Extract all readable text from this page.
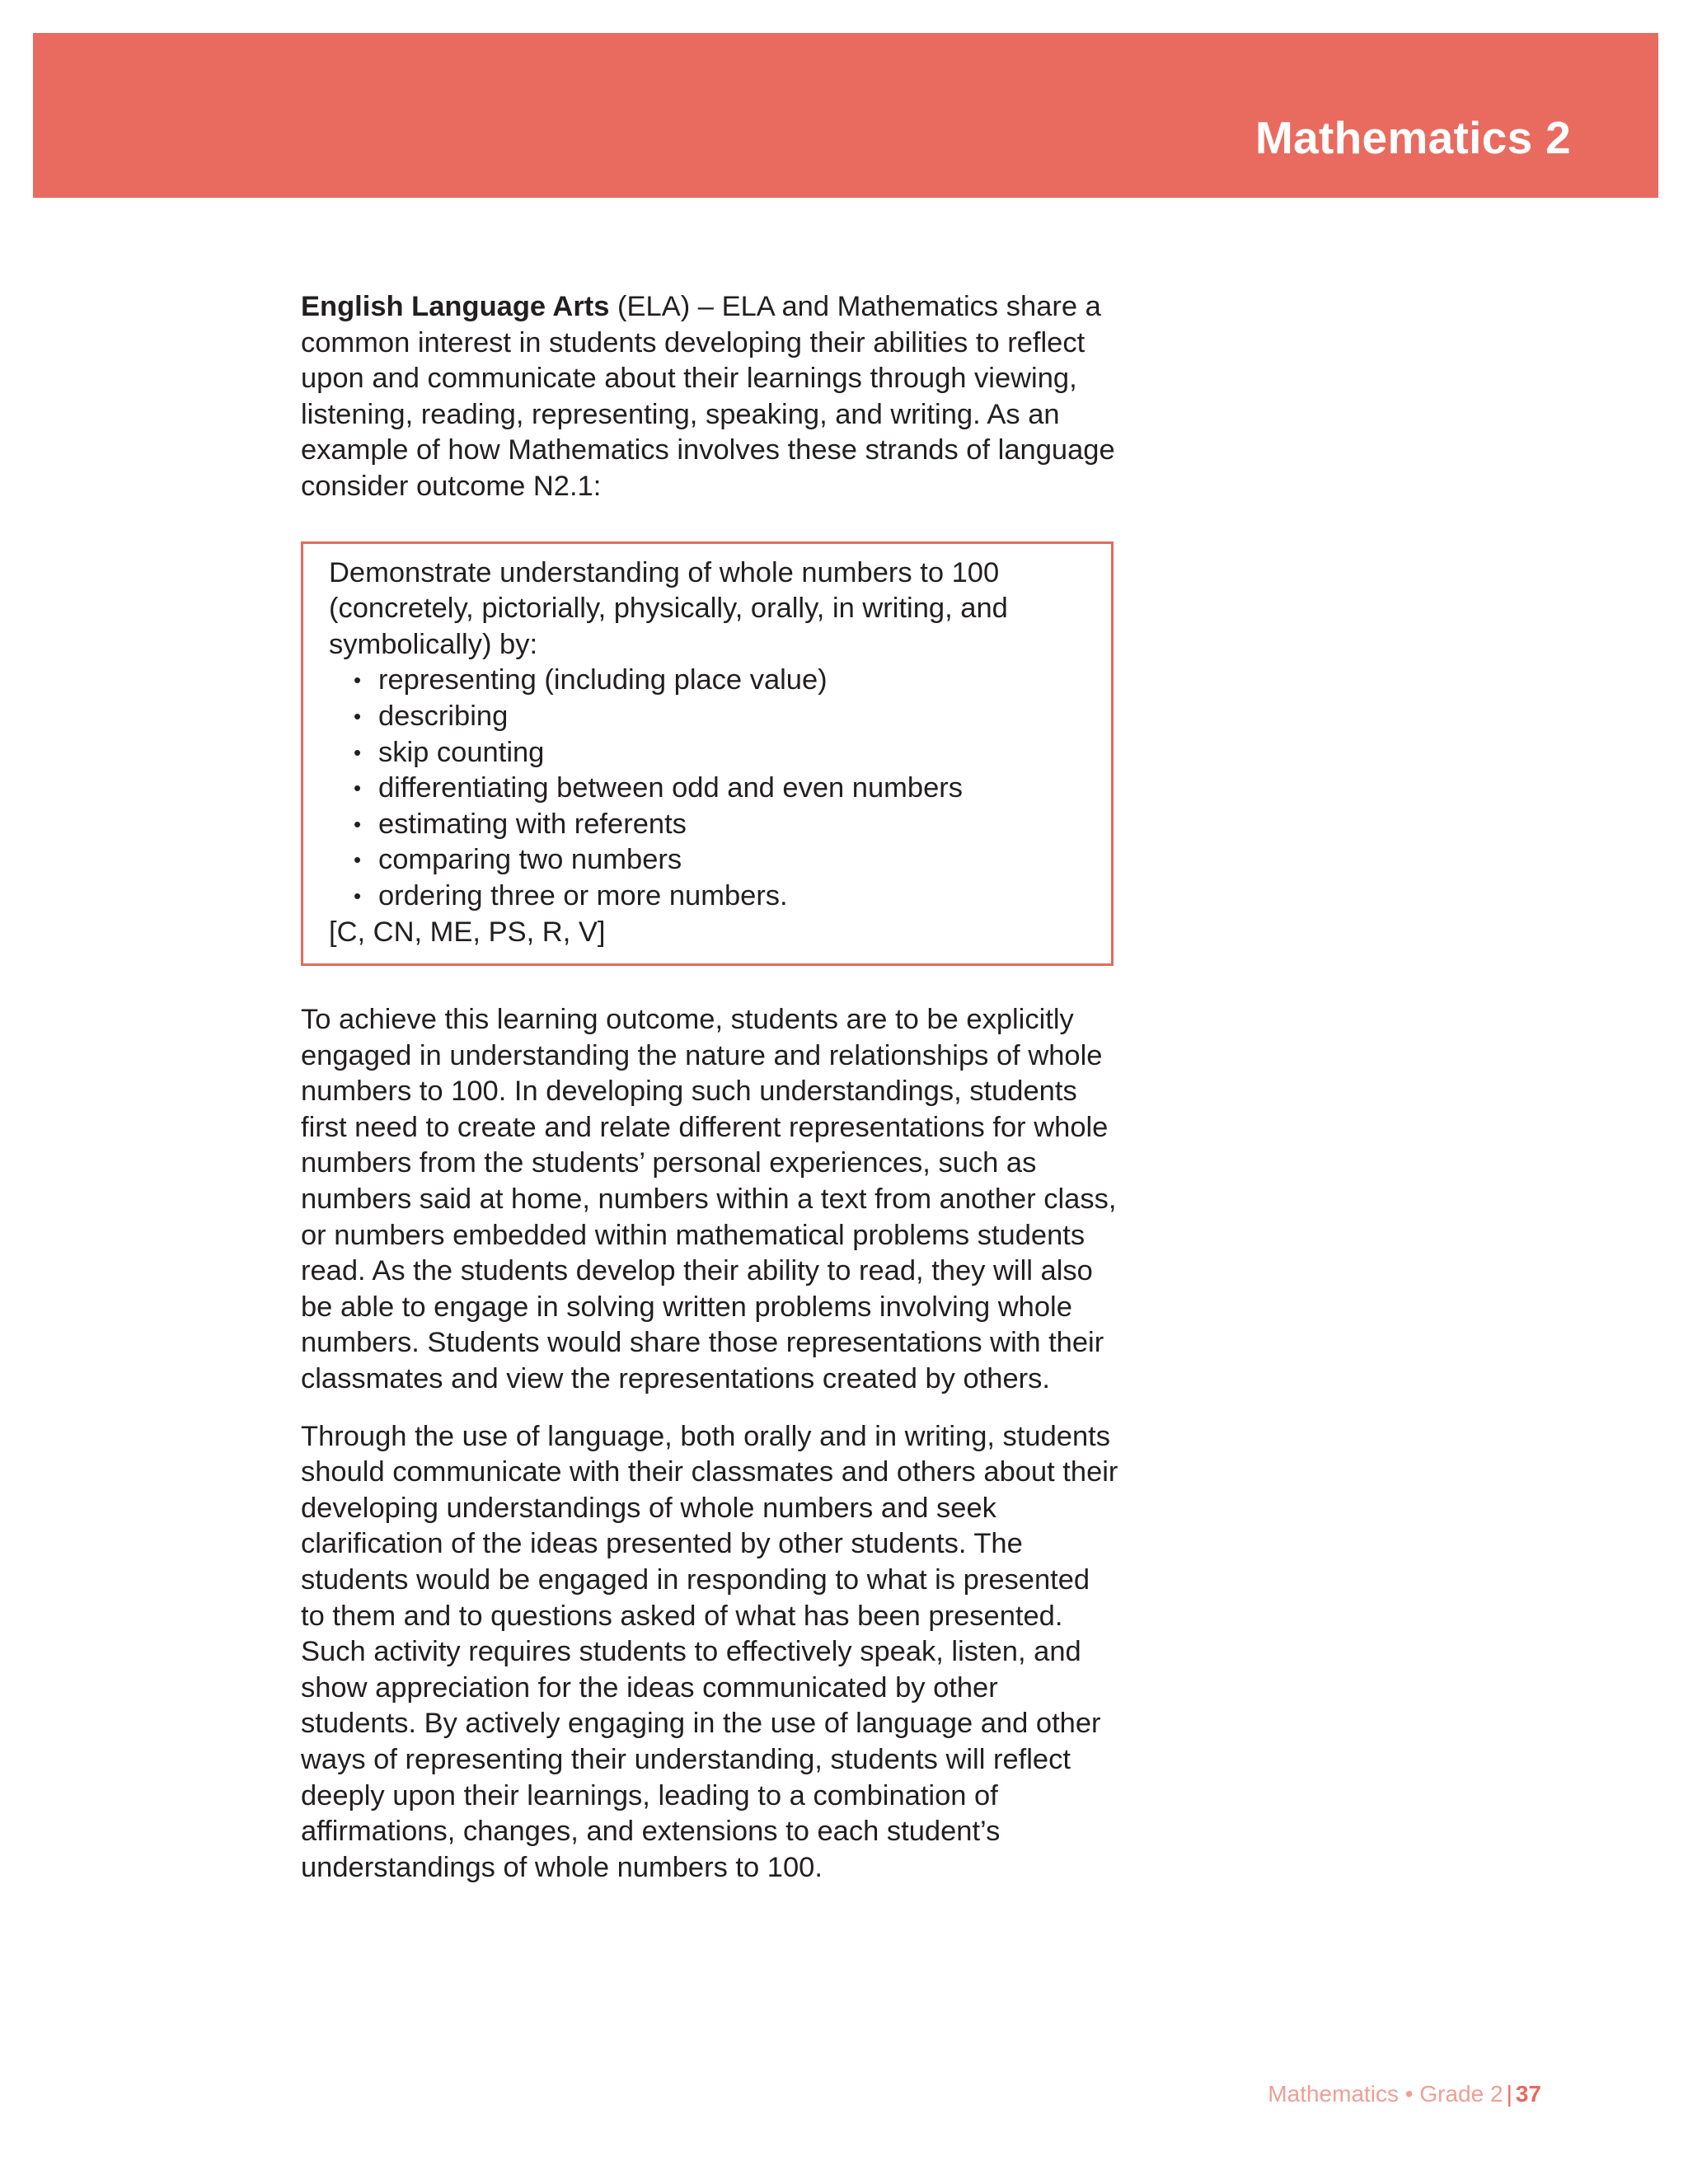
Mathematics 2

English Language Arts (ELA) – ELA and Mathematics share a common interest in students developing their abilities to reflect upon and communicate about their learnings through viewing, listening, reading, representing, speaking, and writing. As an example of how Mathematics involves these strands of language consider outcome N2.1:

Demonstrate understanding of whole numbers to 100 (concretely, pictorially, physically, orally, in writing, and symbolically) by:

• representing (including place value)
• describing
• skip counting
• differentiating between odd and even numbers
• estimating with referents
• comparing two numbers
• ordering three or more numbers.

[C, CN, ME, PS, R, V]

To achieve this learning outcome, students are to be explicitly engaged in understanding the nature and relationships of whole numbers to 100. In developing such understandings, students first need to create and relate different representations for whole numbers from the students’ personal experiences, such as numbers said at home, numbers within a text from another class, or numbers embedded within mathematical problems students read. As the students develop their ability to read, they will also be able to engage in solving written problems involving whole numbers. Students would share those representations with their classmates and view the representations created by others.

Through the use of language, both orally and in writing, students should communicate with their classmates and others about their developing understandings of whole numbers and seek clarification of the ideas presented by other students. The students would be engaged in responding to what is presented to them and to questions asked of what has been presented. Such activity requires students to effectively speak, listen, and show appreciation for the ideas communicated by other students. By actively engaging in the use of language and other ways of representing their understanding, students will reflect deeply upon their learnings, leading to a combination of affirmations, changes, and extensions to each student’s understandings of whole numbers to 100.

Mathematics • Grade 2 | 37
